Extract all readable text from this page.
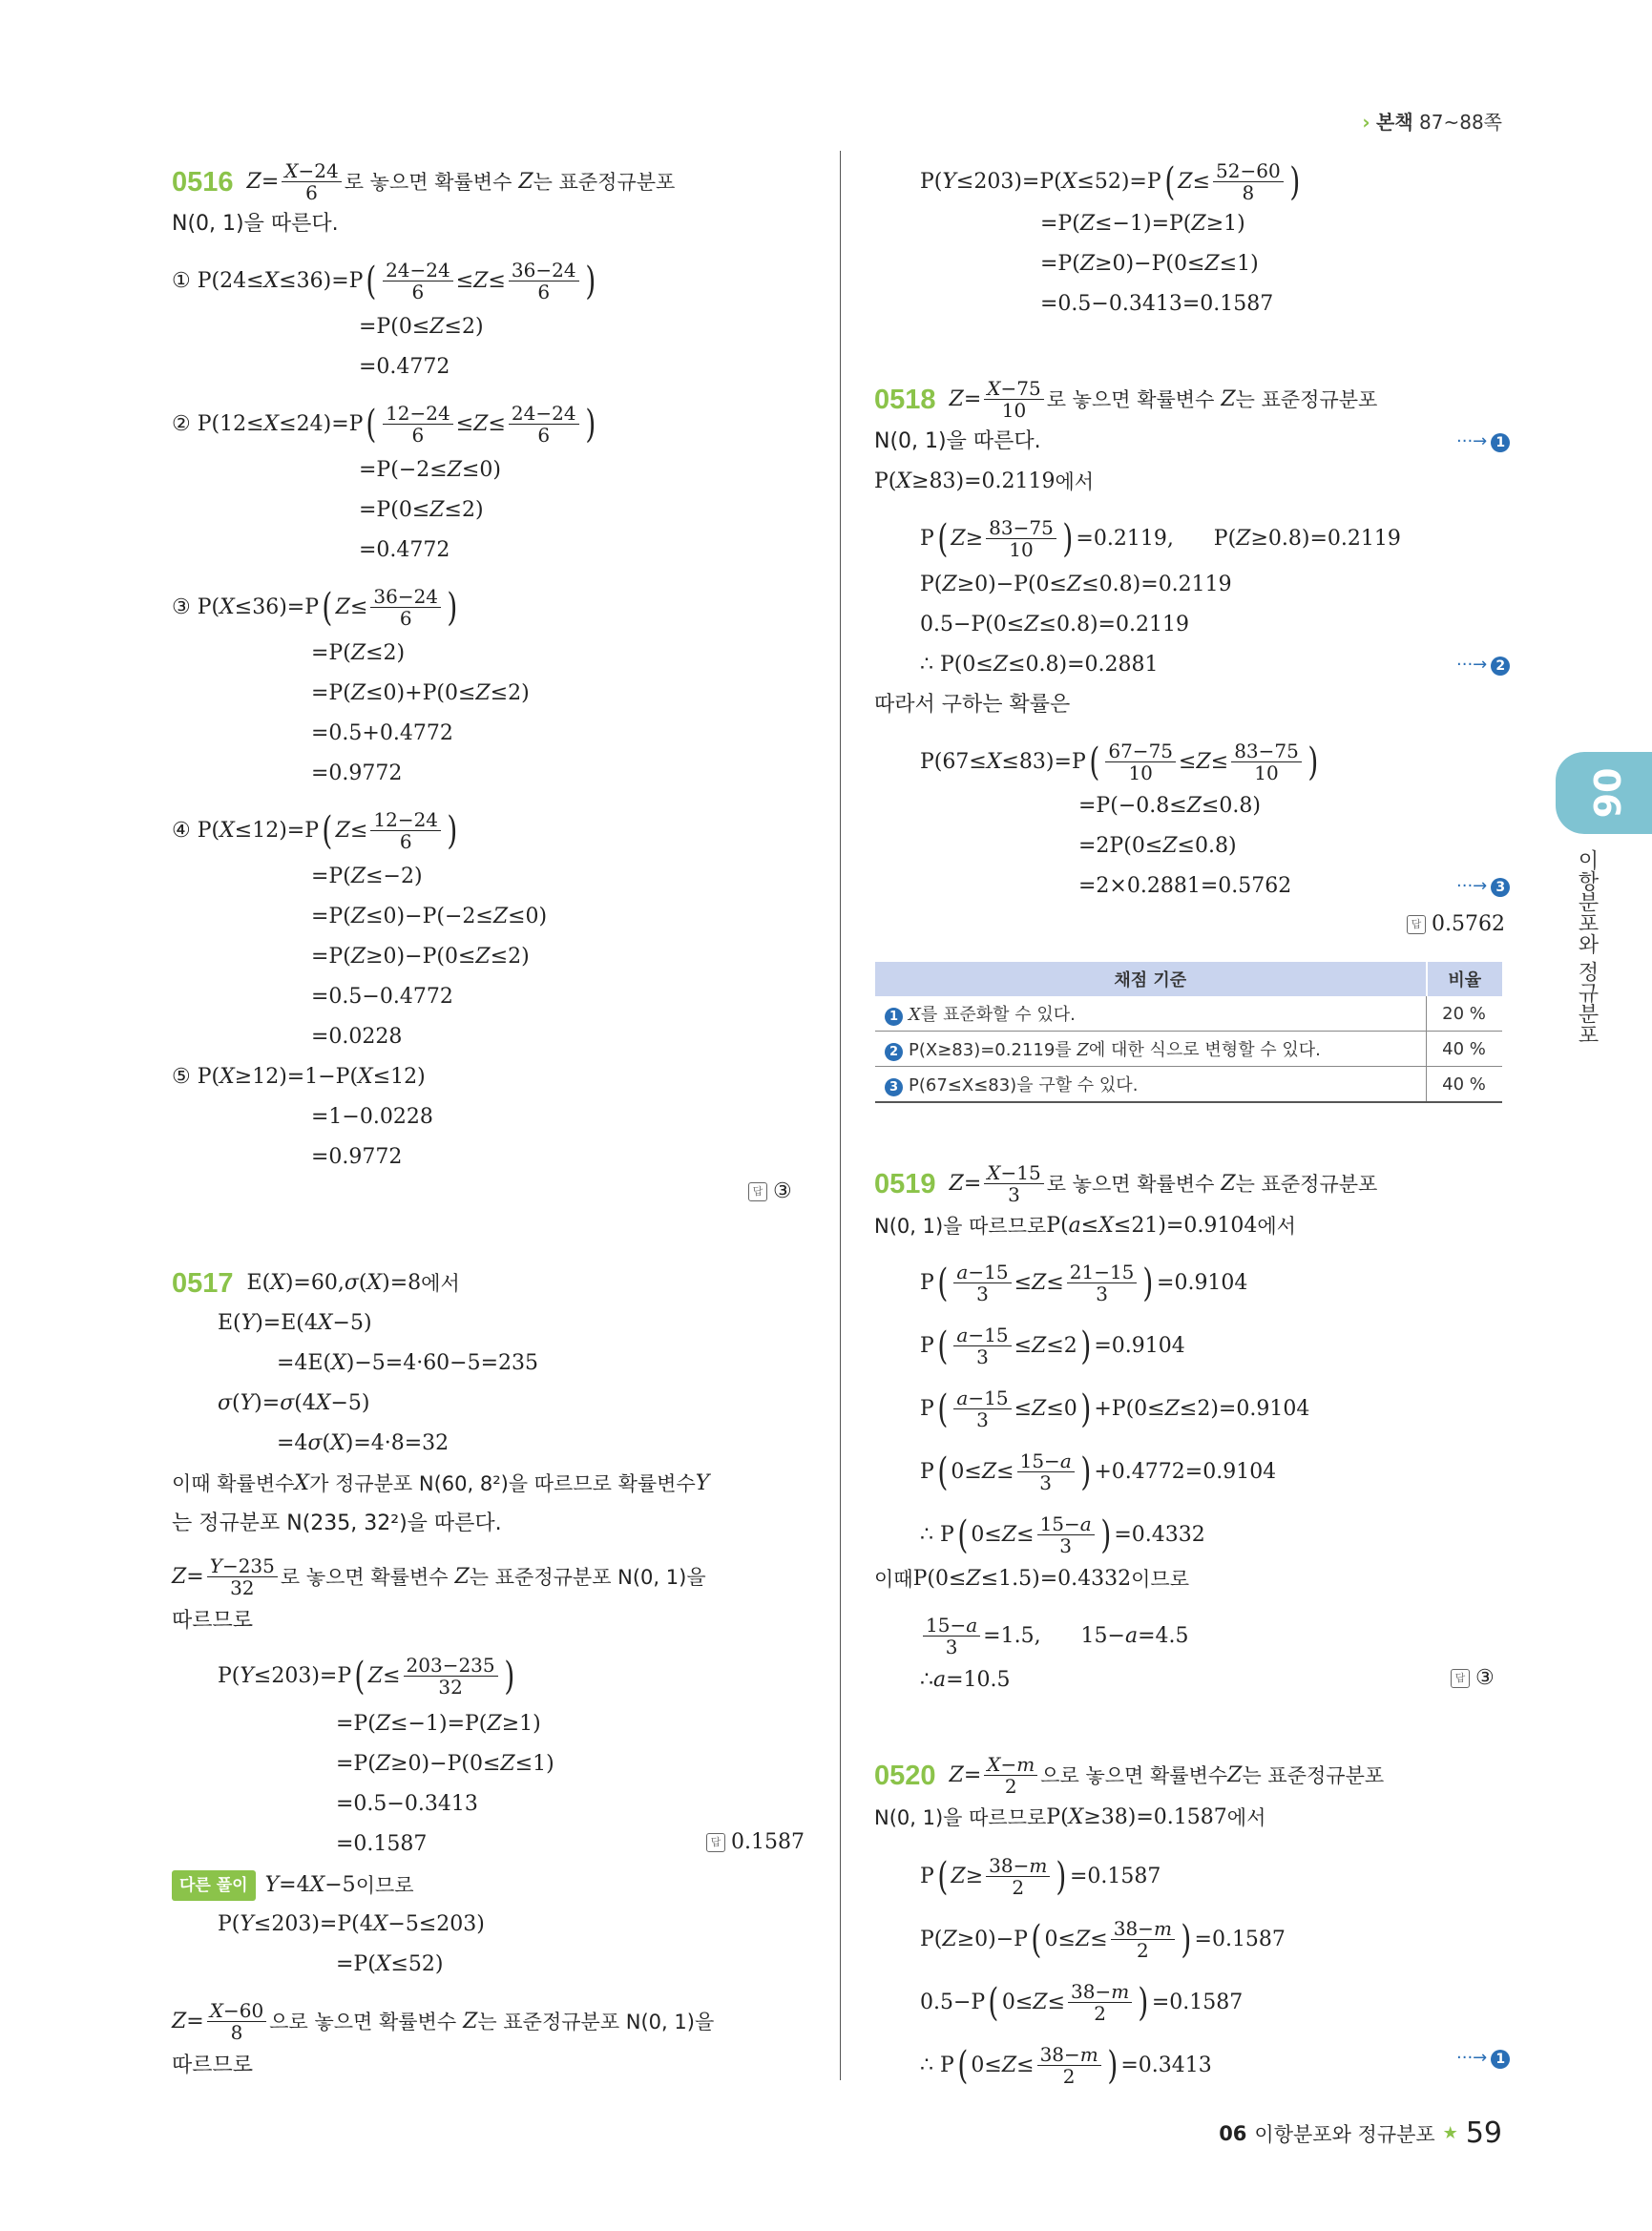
› 본책 87~88쪽
06
이항분포와 정규분포
0516 $Z = \frac{X-24}{6}$ 로 놓으면 확률변수 Z 는 표준정규분포
N(0, 1)을 따른다.
① P(24≤ X ≤36)=P ( $\frac{24-24}{6} \le Z \le \frac{36-24}{6}$ )
=P(0≤ Z ≤2)
=0.4772
② P(12≤ X ≤24)=P ( $\frac{12-24}{6} \le Z \le \frac{24-24}{6}$ )
=P(−2≤ Z ≤0)
=P(0≤ Z ≤2)
=0.4772
③ P( X ≤36)=P ( $Z \le \frac{36-24}{6}$ )
=P( Z ≤2)
=P( Z ≤0)+P(0≤ Z ≤2)
=0.5+0.4772
=0.9772
④ P( X ≤12)=P ( $Z \le \frac{12-24}{6}$ )
=P( Z ≤−2)
=P( Z ≤0)−P(−2≤ Z ≤0)
=P( Z ≥0)−P(0≤ Z ≤2)
=0.5−0.4772
=0.0228
⑤ P( X ≥12)=1−P( X ≤12)
=1−0.0228
=0.9772
답 ③
0517 E( X )=60, σ ( X )=8 에서
E( Y )=E(4 X −5)
=4E( X )−5=4·60−5=235
σ ( Y )= σ (4 X −5)
=4 σ ( X )=4·8=32
이때 확률변수 X 가 정규분포 N(60, 8²)을 따르므로 확률변수 Y
는 정규분포 N(235, 32²)을 따른다.
$Z = \frac{Y-235}{32}$ 로 놓으면 확률변수 Z 는 표준정규분포 N(0, 1)을
따르므로
P( Y ≤203)=P ( $Z \le \frac{203-235}{32}$ )
=P( Z ≤−1)=P( Z ≥1)
=P( Z ≥0)−P(0≤ Z ≤1)
=0.5−0.3413
=0.1587	답 0.1587
다른 풀이 Y =4 X −5 이므로
P( Y ≤203)=P(4 X −5≤203)
=P( X ≤52)
$Z = \frac{X-60}{8}$ 으로 놓으면 확률변수 Z 는 표준정규분포 N(0, 1)을
따르므로
P( Y ≤203)=P( X ≤52)=P ( $Z \le \frac{52-60}{8}$ )
=P( Z ≤−1)=P( Z ≥1)
=P( Z ≥0)−P(0≤ Z ≤1)
=0.5−0.3413=0.1587
0518 $Z = \frac{X-75}{10}$ 로 놓으면 확률변수 Z 는 표준정규분포
N(0, 1)을 따른다.	···→ 1
P( X ≥83)=0.2119 에서
P ( $Z \ge \frac{83-75}{10}$ ) =0.2119,      P( Z ≥0.8)=0.2119
P( Z ≥0)−P(0≤ Z ≤0.8)=0.2119
0.5−P(0≤ Z ≤0.8)=0.2119
∴ P(0≤ Z ≤0.8)=0.2881	···→ 2
따라서 구하는 확률은
P(67≤ X ≤83)=P ( $\frac{67-75}{10} \le Z \le \frac{83-75}{10}$ )
=P(−0.8≤ Z ≤0.8)
=2P(0≤ Z ≤0.8)
=2×0.2881=0.5762	···→ 3
답 0.5762
채점 기준	비율
1 X를 표준화할 수 있다.	20 %
2 P(X≥83)=0.2119를 Z에 대한 식으로 변형할 수 있다.	40 %
3 P(67≤X≤83)을 구할 수 있다.	40 %
0519 $Z = \frac{X-15}{3}$ 로 놓으면 확률변수 Z 는 표준정규분포
N(0, 1)을 따르므로 P( a ≤ X ≤21)=0.9104 에서
P ( $\frac{a-15}{3} \le Z \le \frac{21-15}{3}$ ) =0.9104
P ( $\frac{a-15}{3} \le Z \le 2$ ) =0.9104
P ( $\frac{a-15}{3} \le Z \le 0$ ) +P(0≤ Z ≤2)=0.9104
P ( $0\le Z \le \frac{15-a}{3}$ ) +0.4772=0.9104
∴ P ( $0\le Z \le \frac{15-a}{3}$ ) =0.4332
이때 P(0≤ Z ≤1.5)=0.4332 이므로
$\frac{15-a}{3} =1.5$,      15− a =4.5
∴ a =10.5	답 ③
0520 $Z = \frac{X-m}{2}$ 으로 놓으면 확률변수 Z 는 표준정규분포
N(0, 1)을 따르므로 P( X ≥38)=0.1587 에서
P ( $Z \ge \frac{38-m}{2}$ ) =0.1587
P( Z ≥0)−P ( $0\le Z \le \frac{38-m}{2}$ ) =0.1587
0.5−P ( $0\le Z \le \frac{38-m}{2}$ ) =0.1587
∴ P ( $0\le Z \le \frac{38-m}{2}$ ) =0.3413	···→ 1
06 이항분포와 정규분포 ★ 59
